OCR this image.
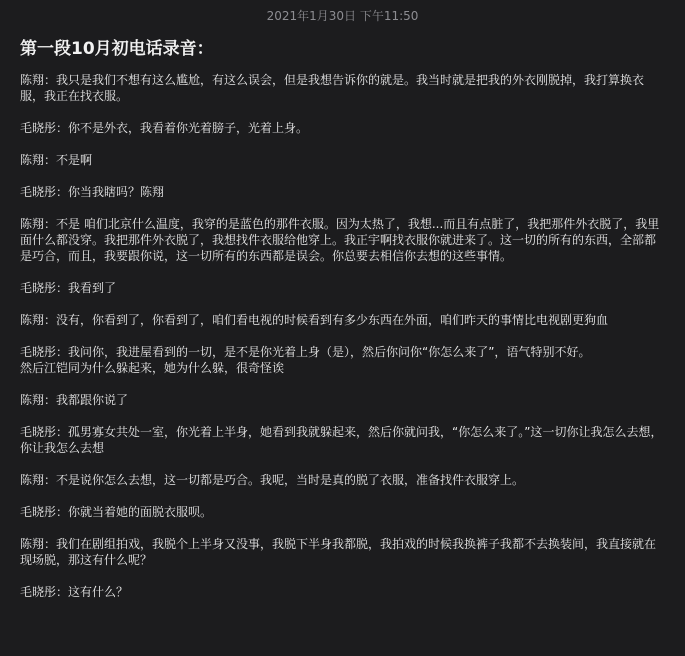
2021年1月30日 下午11:50
第一段10月初电话录音：

陈翔：我只是我们不想有这么尴尬，有这么误会，但是我想告诉你的就是。我当时就是把我的外衣刚脱掉，我打算换衣服，我正在找衣服。

毛晓彤：你不是外衣，我看着你光着膀子，光着上身。

陈翔：不是啊

毛晓彤：你当我瞎吗？陈翔

陈翔：不是 咱们北京什么温度，我穿的是蓝色的那件衣服。因为太热了，我想...而且有点脏了，我把那件外衣脱了，我里面什么都没穿。我把那件外衣脱了，我想找件衣服给他穿上。我正宇啊找衣服你就进来了。这一切的所有的东西，全部都是巧合，而且，我要跟你说，这一切所有的东西都是误会。你总要去相信你去想的这些事情。

毛晓彤：我看到了

陈翔：没有，你看到了，你看到了，咱们看电视的时候看到有多少东西在外面，咱们昨天的事情比电视剧更狗血

毛晓彤：我问你，我进屋看到的一切，是不是你光着上身（是），然后你问你“你怎么来了”，语气特别不好。
然后江铠同为什么躲起来，她为什么躲，很奇怪诶

陈翔：我都跟你说了

毛晓彤：孤男寡女共处一室，你光着上半身，她看到我就躲起来，然后你就问我，“你怎么来了。”这一切你让我怎么去想，你让我怎么去想

陈翔：不是说你怎么去想，这一切都是巧合。我呢，当时是真的脱了衣服，准备找件衣服穿上。

毛晓彤：你就当着她的面脱衣服呗。

陈翔：我们在剧组拍戏，我脱个上半身又没事，我脱下半身我都脱，我拍戏的时候我换裤子我都不去换装间，我直接就在现场脱，那这有什么呢？

毛晓彤：这有什么？
